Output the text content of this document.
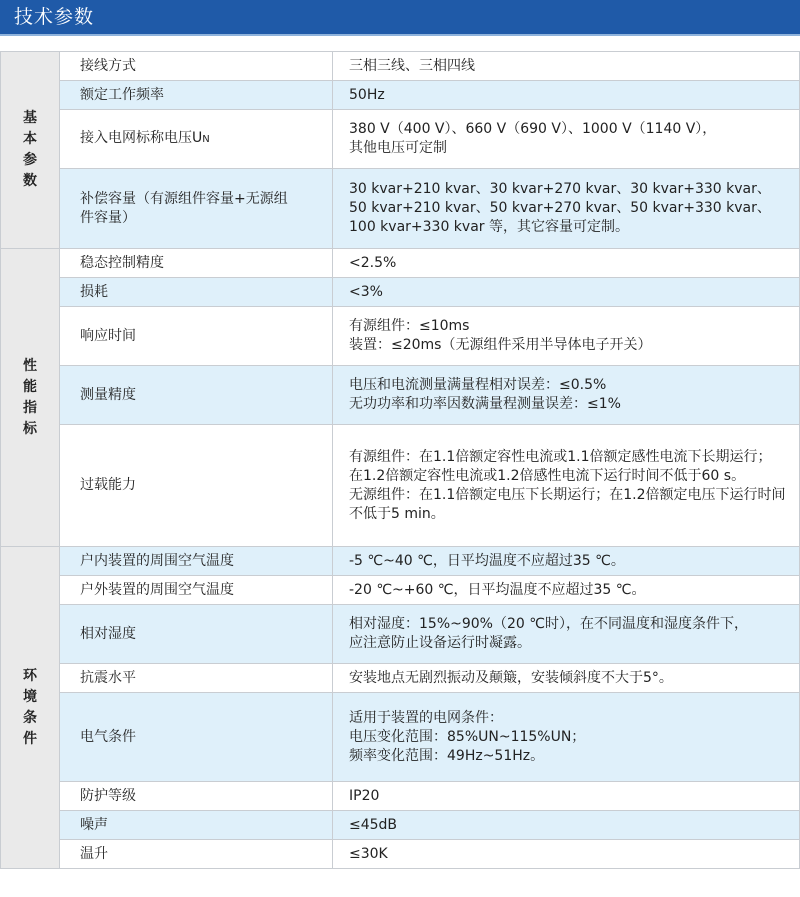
技术参数
基本参数	接线方式	三相三线、三相四线

	额定工作频率	50Hz

	接入电网标称电压UN	380 V（400 V）、660 V（690 V）、1000 V（1140 V），
其他电压可定制

	补偿容量（有源组件容量+无源组件容量）	30 kvar+210 kvar、30 kvar+270 kvar、30 kvar+330 kvar、
50 kvar+210 kvar、50 kvar+270 kvar、50 kvar+330 kvar、
100 kvar+330 kvar 等，其它容量可定制。

性能指标	稳态控制精度	<2.5%

	损耗	<3%

	响应时间	有源组件：≤10ms
装置：≤20ms（无源组件采用半导体电子开关）

	测量精度	电压和电流测量满量程相对误差：≤0.5%
无功功率和功率因数满量程测量误差：≤1%

	过载能力	有源组件：在1.1倍额定容性电流或1.1倍额定感性电流下长期运行；
在1.2倍额定容性电流或1.2倍感性电流下运行时间不低于60 s。
无源组件：在1.1倍额定电压下长期运行；在1.2倍额定电压下运行时间
不低于5 min。

环境条件	户内装置的周围空气温度	-5 ℃~40 ℃，日平均温度不应超过35 ℃。

	户外装置的周围空气温度	-20 ℃~+60 ℃，日平均温度不应超过35 ℃。

	相对湿度	相对湿度：15%~90%（20 ℃时），在不同温度和湿度条件下，
应注意防止设备运行时凝露。

	抗震水平	安装地点无剧烈振动及颠簸，安装倾斜度不大于5°。

	电气条件	适用于装置的电网条件：
电压变化范围：85%UN~115%UN；
频率变化范围：49Hz~51Hz。

	防护等级	IP20

	噪声	≤45dB

	温升	≤30K
